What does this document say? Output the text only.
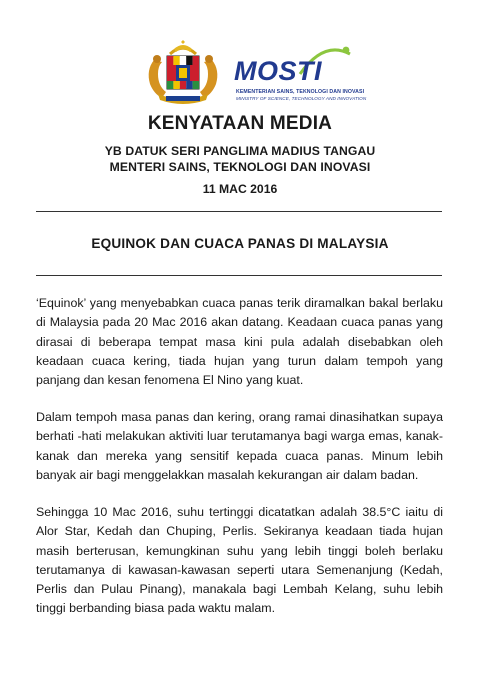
MOSTI
KEMENTERIAN SAINS, TEKNOLOGI DAN INOVASI
MINISTRY OF SCIENCE, TECHNOLOGY AND INNOVATION
KENYATAAN MEDIA
YB DATUK SERI PANGLIMA MADIUS TANGAU
MENTERI SAINS, TEKNOLOGI DAN INOVASI
11 MAC 2016
EQUINOK DAN CUACA PANAS DI MALAYSIA

‘Equinok’ yang menyebabkan cuaca panas terik diramalkan bakal berlaku di Malaysia pada 20 Mac 2016 akan datang. Keadaan cuaca panas yang dirasai di beberapa tempat masa kini pula adalah disebabkan oleh keadaan cuaca kering, tiada hujan yang turun dalam tempoh yang panjang dan kesan fenomena El Nino yang kuat.

Dalam tempoh masa panas dan kering, orang ramai dinasihatkan supaya berhati -hati melakukan aktiviti luar terutamanya bagi warga emas, kanak-kanak dan mereka yang sensitif kepada cuaca panas. Minum lebih banyak air bagi menggelakkan masalah kekurangan air dalam badan.

Sehingga 10 Mac 2016, suhu tertinggi dicatatkan adalah 38.5°C iaitu di Alor Star, Kedah dan Chuping, Perlis. Sekiranya keadaan tiada hujan masih berterusan, kemungkinan suhu yang lebih tinggi boleh berlaku terutamanya di kawasan-kawasan seperti utara Semenanjung (Kedah, Perlis dan Pulau Pinang), manakala bagi Lembah Kelang, suhu lebih tinggi berbanding biasa pada waktu malam.
